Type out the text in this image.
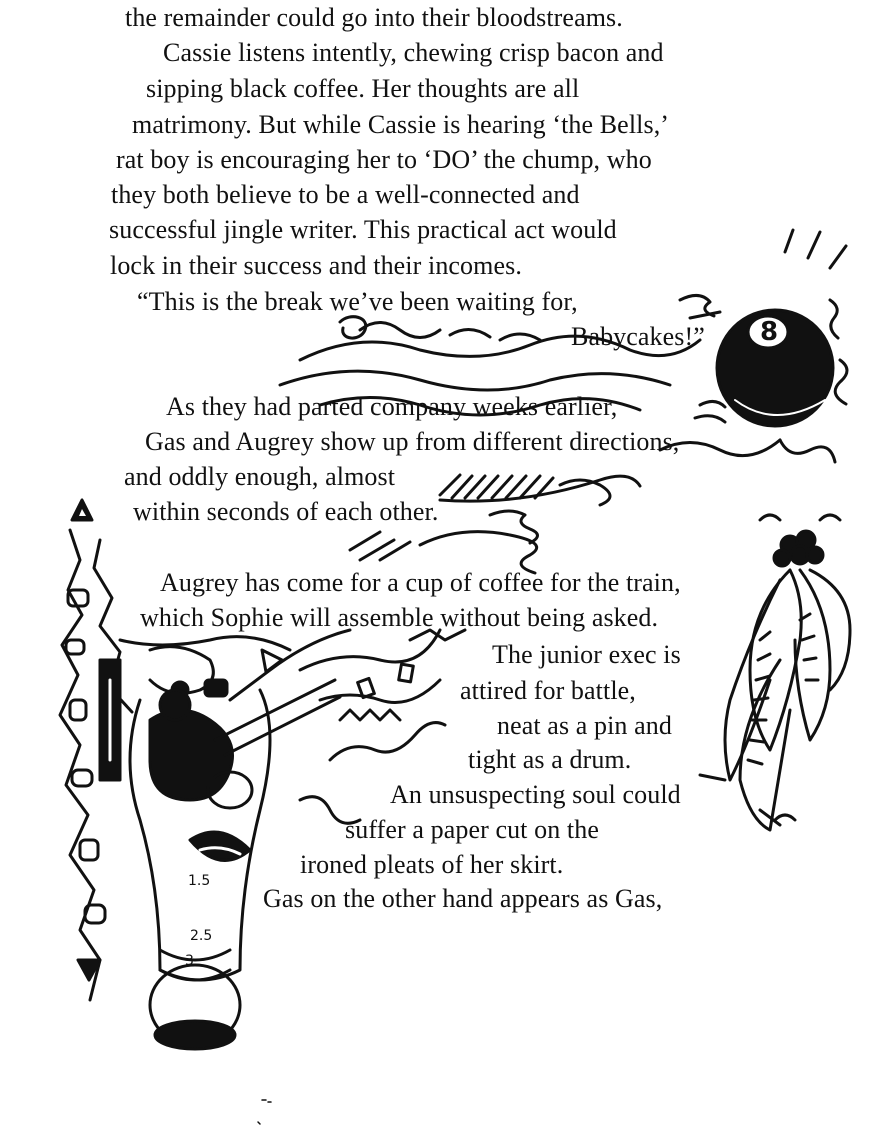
8
1.5
2.5
3
the remainder could go into their bloodstreams.
Cassie listens intently, chewing crisp bacon and
sipping black coffee. Her thoughts are all
matrimony. But while Cassie is hearing ‘the Bells,’
rat boy is encouraging her to ‘DO’ the chump, who
they both believe to be a well-connected and
successful jingle writer. This practical act would
lock in their success and their incomes.
“This is the break we’ve been waiting for,
Babycakes!”
As they had parted company weeks earlier,
Gas and Augrey show up from different directions,
and oddly enough, almost
within seconds of each other.
Augrey has come for a cup of coffee for the train,
which Sophie will assemble without being asked.
The junior exec is
attired for battle,
neat as a pin and
tight as a drum.
An unsuspecting soul could
suffer a paper cut on the
ironed pleats of her skirt.
Gas on the other hand appears as Gas,
